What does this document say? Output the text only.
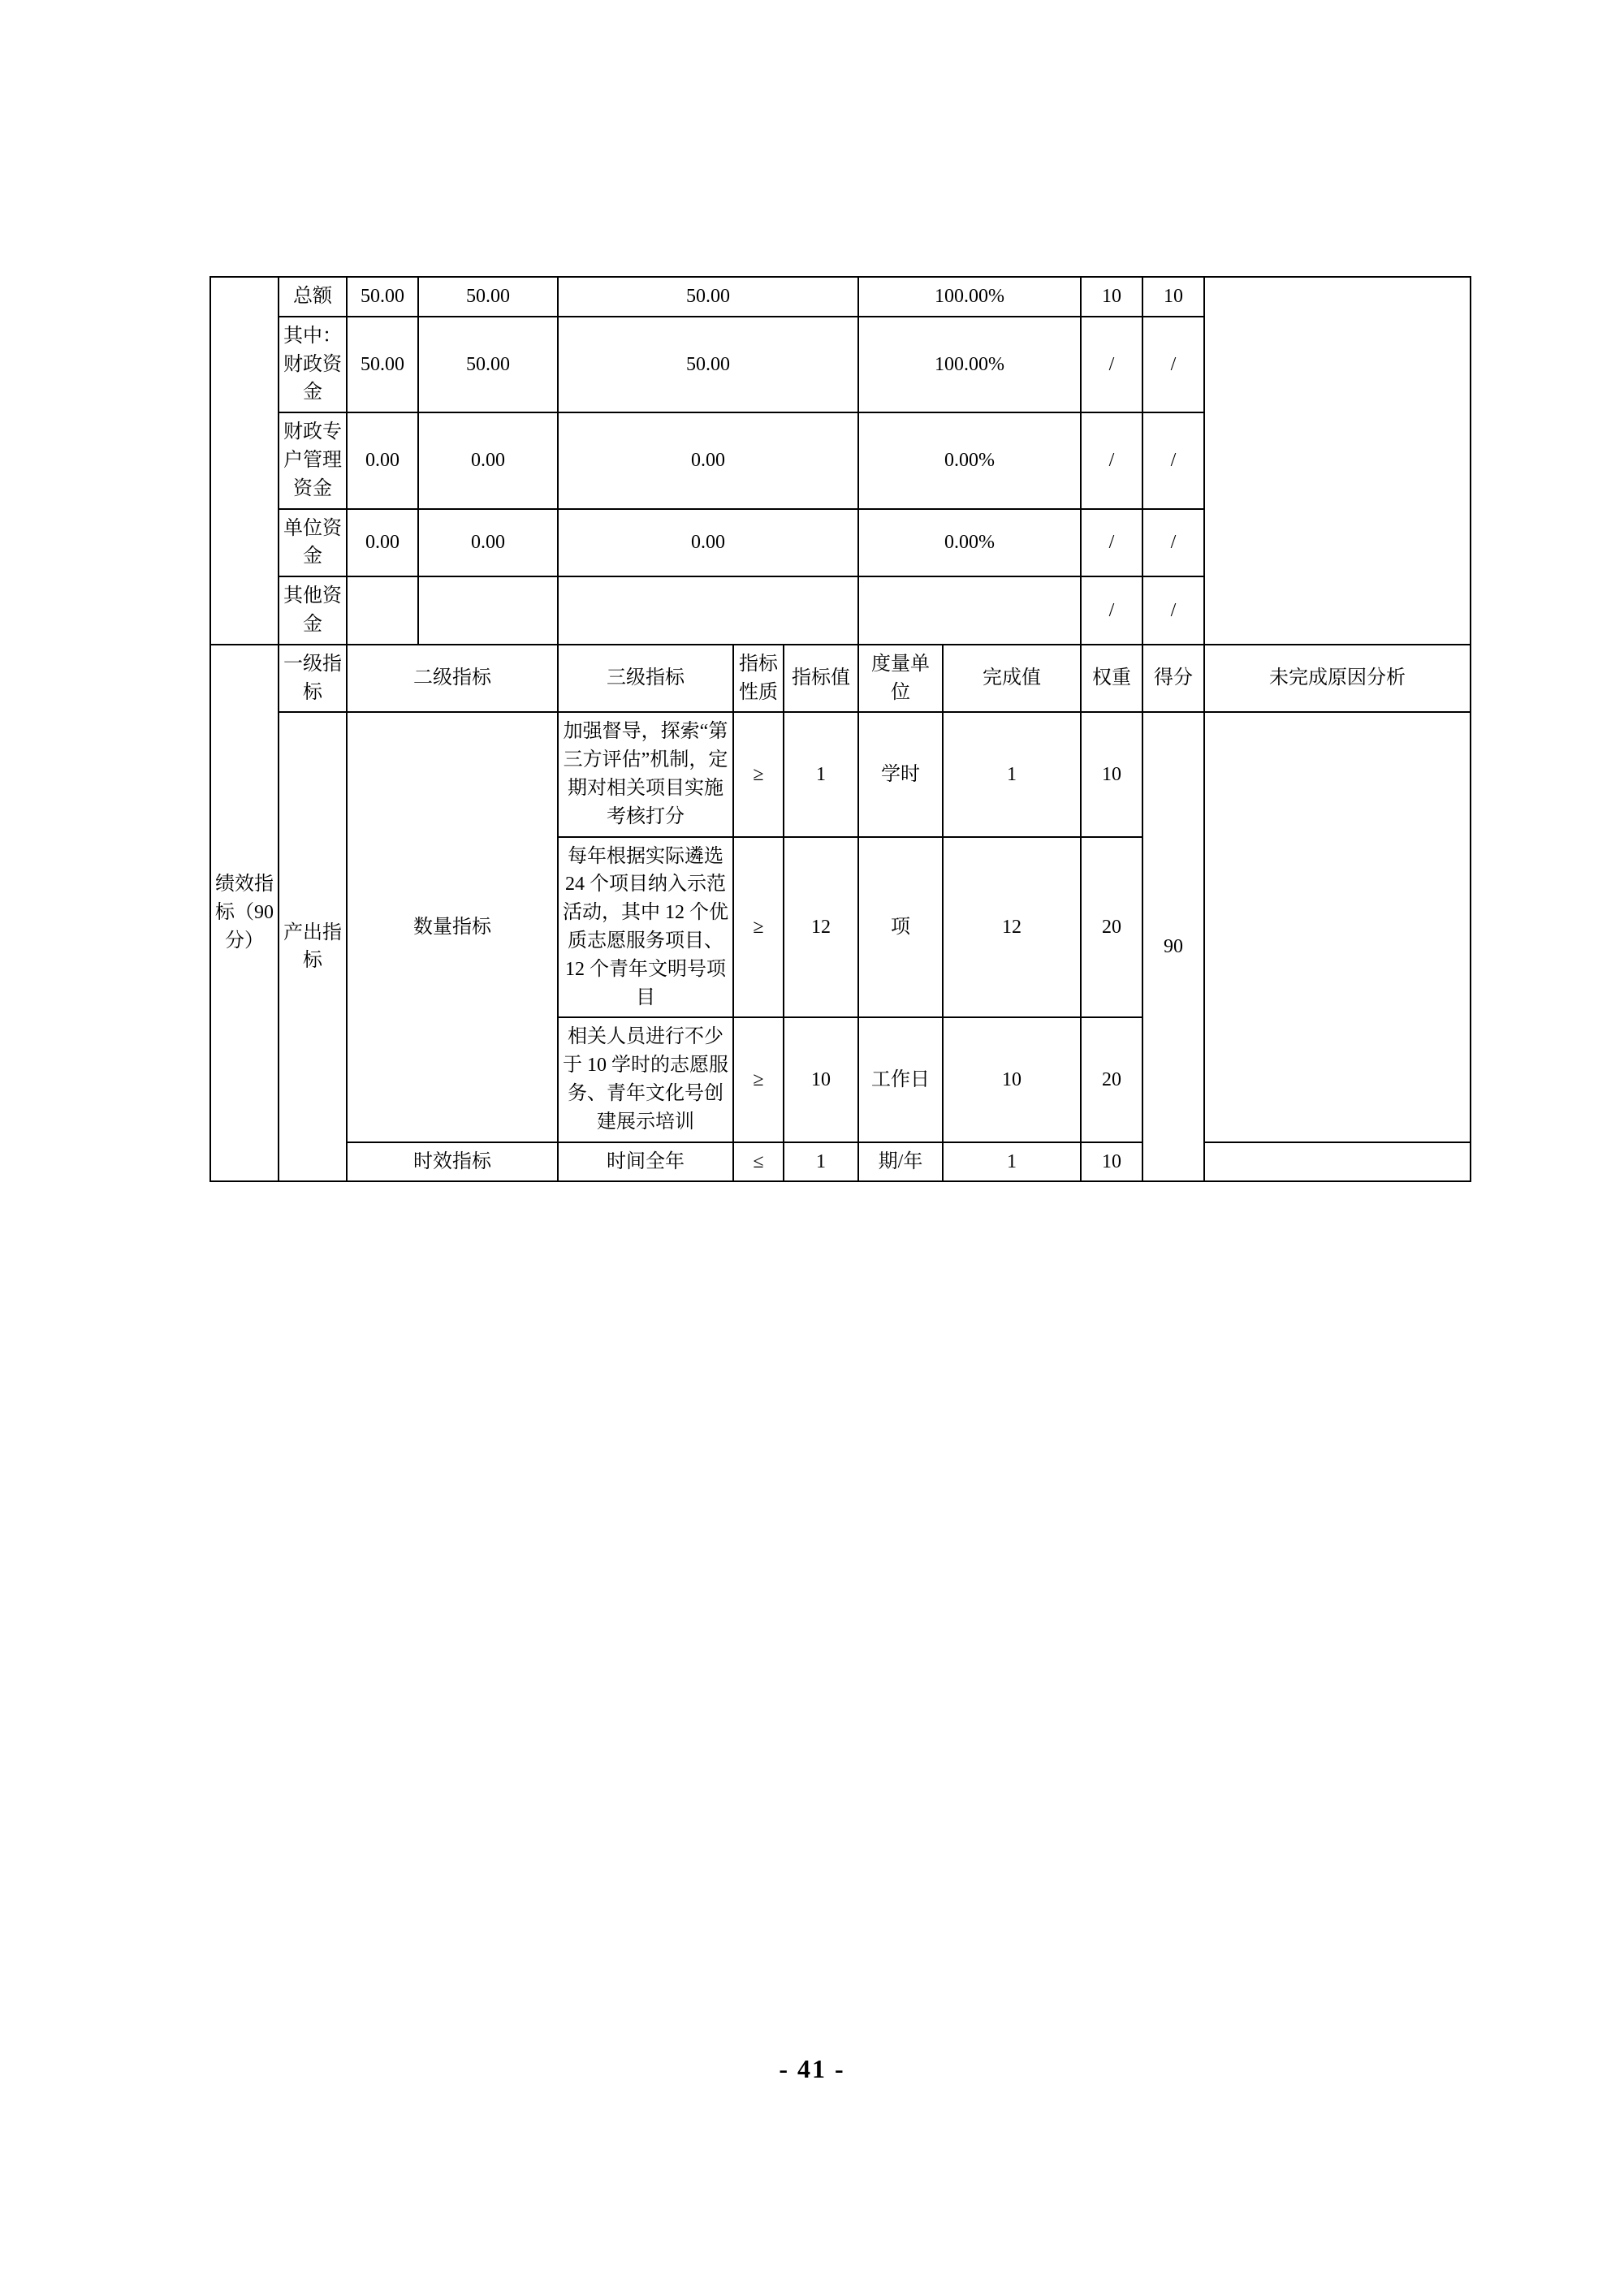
	总额	50.00	50.00	50.00			100.00%		10	10	
	其中：财政资金	50.00	50.00	50.00			100.00%		/	/	
	财政专户管理资金	0.00	0.00	0.00			0.00%		/	/	
	单位资金	0.00	0.00	0.00			0.00%		/	/	
	其他资金								/	/	
绩效指标（90分）	一级指标	二级指标		三级指标	指标性质	指标值	度量单位	完成值	权重	得分	未完成原因分析
	产出指标	数量指标		加强督导，探索“第三方评估”机制，定期对相关项目实施考核打分	≥	1	学时	1	10	90	
				每年根据实际遴选 24 个项目纳入示范活动，其中 12 个优质志愿服务项目、12 个青年文明号项目	≥	12	项	12	20		
				相关人员进行不少于 10 学时的志愿服务、青年文化号创建展示培训	≥	10	工作日	10	20		
		时效指标		时间全年	≤	1	期/年	1	10		
- 41 -
